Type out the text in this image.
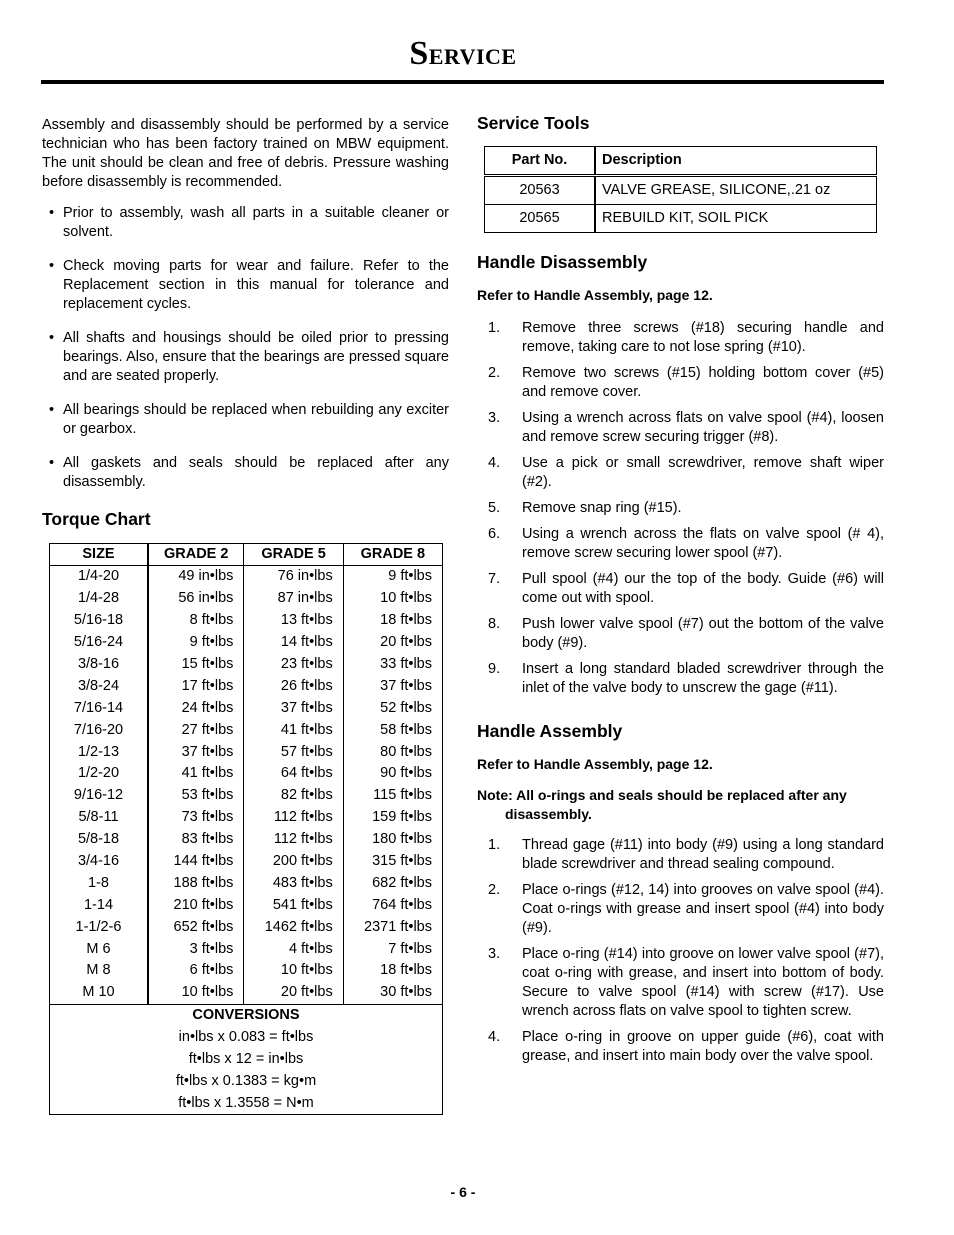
Service

Assembly and disassembly should be performed by a service technician who has been factory trained on MBW equipment. The unit should be clean and free of debris. Pressure washing before disassembly is recommended.

• Prior to assembly, wash all parts in a suitable cleaner or solvent.
• Check moving parts for wear and failure. Refer to the Replacement section in this manual for tolerance and replacement cycles.
• All shafts and housings should be oiled prior to pressing bearings. Also, ensure that the bearings are pressed square and are seated properly.
• All bearings should be replaced when rebuilding any exciter or gearbox.
• All gaskets and seals should be replaced after any disassembly.
Torque Chart
SIZE	GRADE 2	GRADE 5	GRADE 8
1/4-20	49 in•lbs	76 in•lbs	9 ft•lbs
1/4-28	56 in•lbs	87 in•lbs	10 ft•lbs
5/16-18	8 ft•lbs	13 ft•lbs	18 ft•lbs
5/16-24	9 ft•lbs	14 ft•lbs	20 ft•lbs
3/8-16	15 ft•lbs	23 ft•lbs	33 ft•lbs
3/8-24	17 ft•lbs	26 ft•lbs	37 ft•lbs
7/16-14	24 ft•lbs	37 ft•lbs	52 ft•lbs
7/16-20	27 ft•lbs	41 ft•lbs	58 ft•lbs
1/2-13	37 ft•lbs	57 ft•lbs	80 ft•lbs
1/2-20	41 ft•lbs	64 ft•lbs	90 ft•lbs
9/16-12	53 ft•lbs	82 ft•lbs	115 ft•lbs
5/8-11	73 ft•lbs	112 ft•lbs	159 ft•lbs
5/8-18	83 ft•lbs	112 ft•lbs	180 ft•lbs
3/4-16	144 ft•lbs	200 ft•lbs	315 ft•lbs
1-8	188 ft•lbs	483 ft•lbs	682 ft•lbs
1-14	210 ft•lbs	541 ft•lbs	764 ft•lbs
1-1/2-6	652 ft•lbs	1462 ft•lbs	2371 ft•lbs
M 6	3 ft•lbs	4 ft•lbs	7 ft•lbs
M 8	6 ft•lbs	10 ft•lbs	18 ft•lbs
M 10	10 ft•lbs	20 ft•lbs	30 ft•lbs
CONVERSIONS			
in•lbs x 0.083 = ft•lbs			
ft•lbs x 12 = in•lbs			
ft•lbs x 0.1383 = kg•m			
ft•lbs x 1.3558 = N•m			
Service Tools
Part No.	Description
20563	VALVE GREASE, SILICONE,.21 oz
20565	REBUILD KIT, SOIL PICK
Handle Disassembly

Refer to Handle Assembly, page 12.

1. Remove three screws (#18) securing handle and remove, taking care to not lose spring (#10).
2. Remove two screws (#15) holding bottom cover (#5) and remove cover.
3. Using a wrench across flats on valve spool (#4), loosen and remove screw securing trigger (#8).
4. Use a pick or small screwdriver, remove shaft wiper (#2).
5. Remove snap ring (#15).
6. Using a wrench across the flats on valve spool (# 4), remove screw securing lower spool (#7).
7. Pull spool (#4) our the top of the body. Guide (#6) will come out with spool.
8. Push lower valve spool (#7) out the bottom of the valve body (#9).
9. Insert a long standard bladed screwdriver through the inlet of the valve body to unscrew the gage (#11).
Handle Assembly

Refer to Handle Assembly, page 12.

Note: All o-rings and seals should be replaced after any disassembly.

1. Thread gage (#11) into body (#9) using a long standard blade screwdriver and thread sealing compound.
2. Place o-rings (#12, 14) into grooves on valve spool (#4). Coat o-rings with grease and insert spool (#4) into body (#9).
3. Place o-ring (#14) into groove on lower valve spool (#7), coat o-ring with grease, and insert into bottom of body. Secure to valve spool (#14) with screw (#17). Use wrench across flats on valve spool to tighten screw.
4. Place o-ring in groove on upper guide (#6), coat with grease, and insert into main body over the valve spool.
- 6 -
